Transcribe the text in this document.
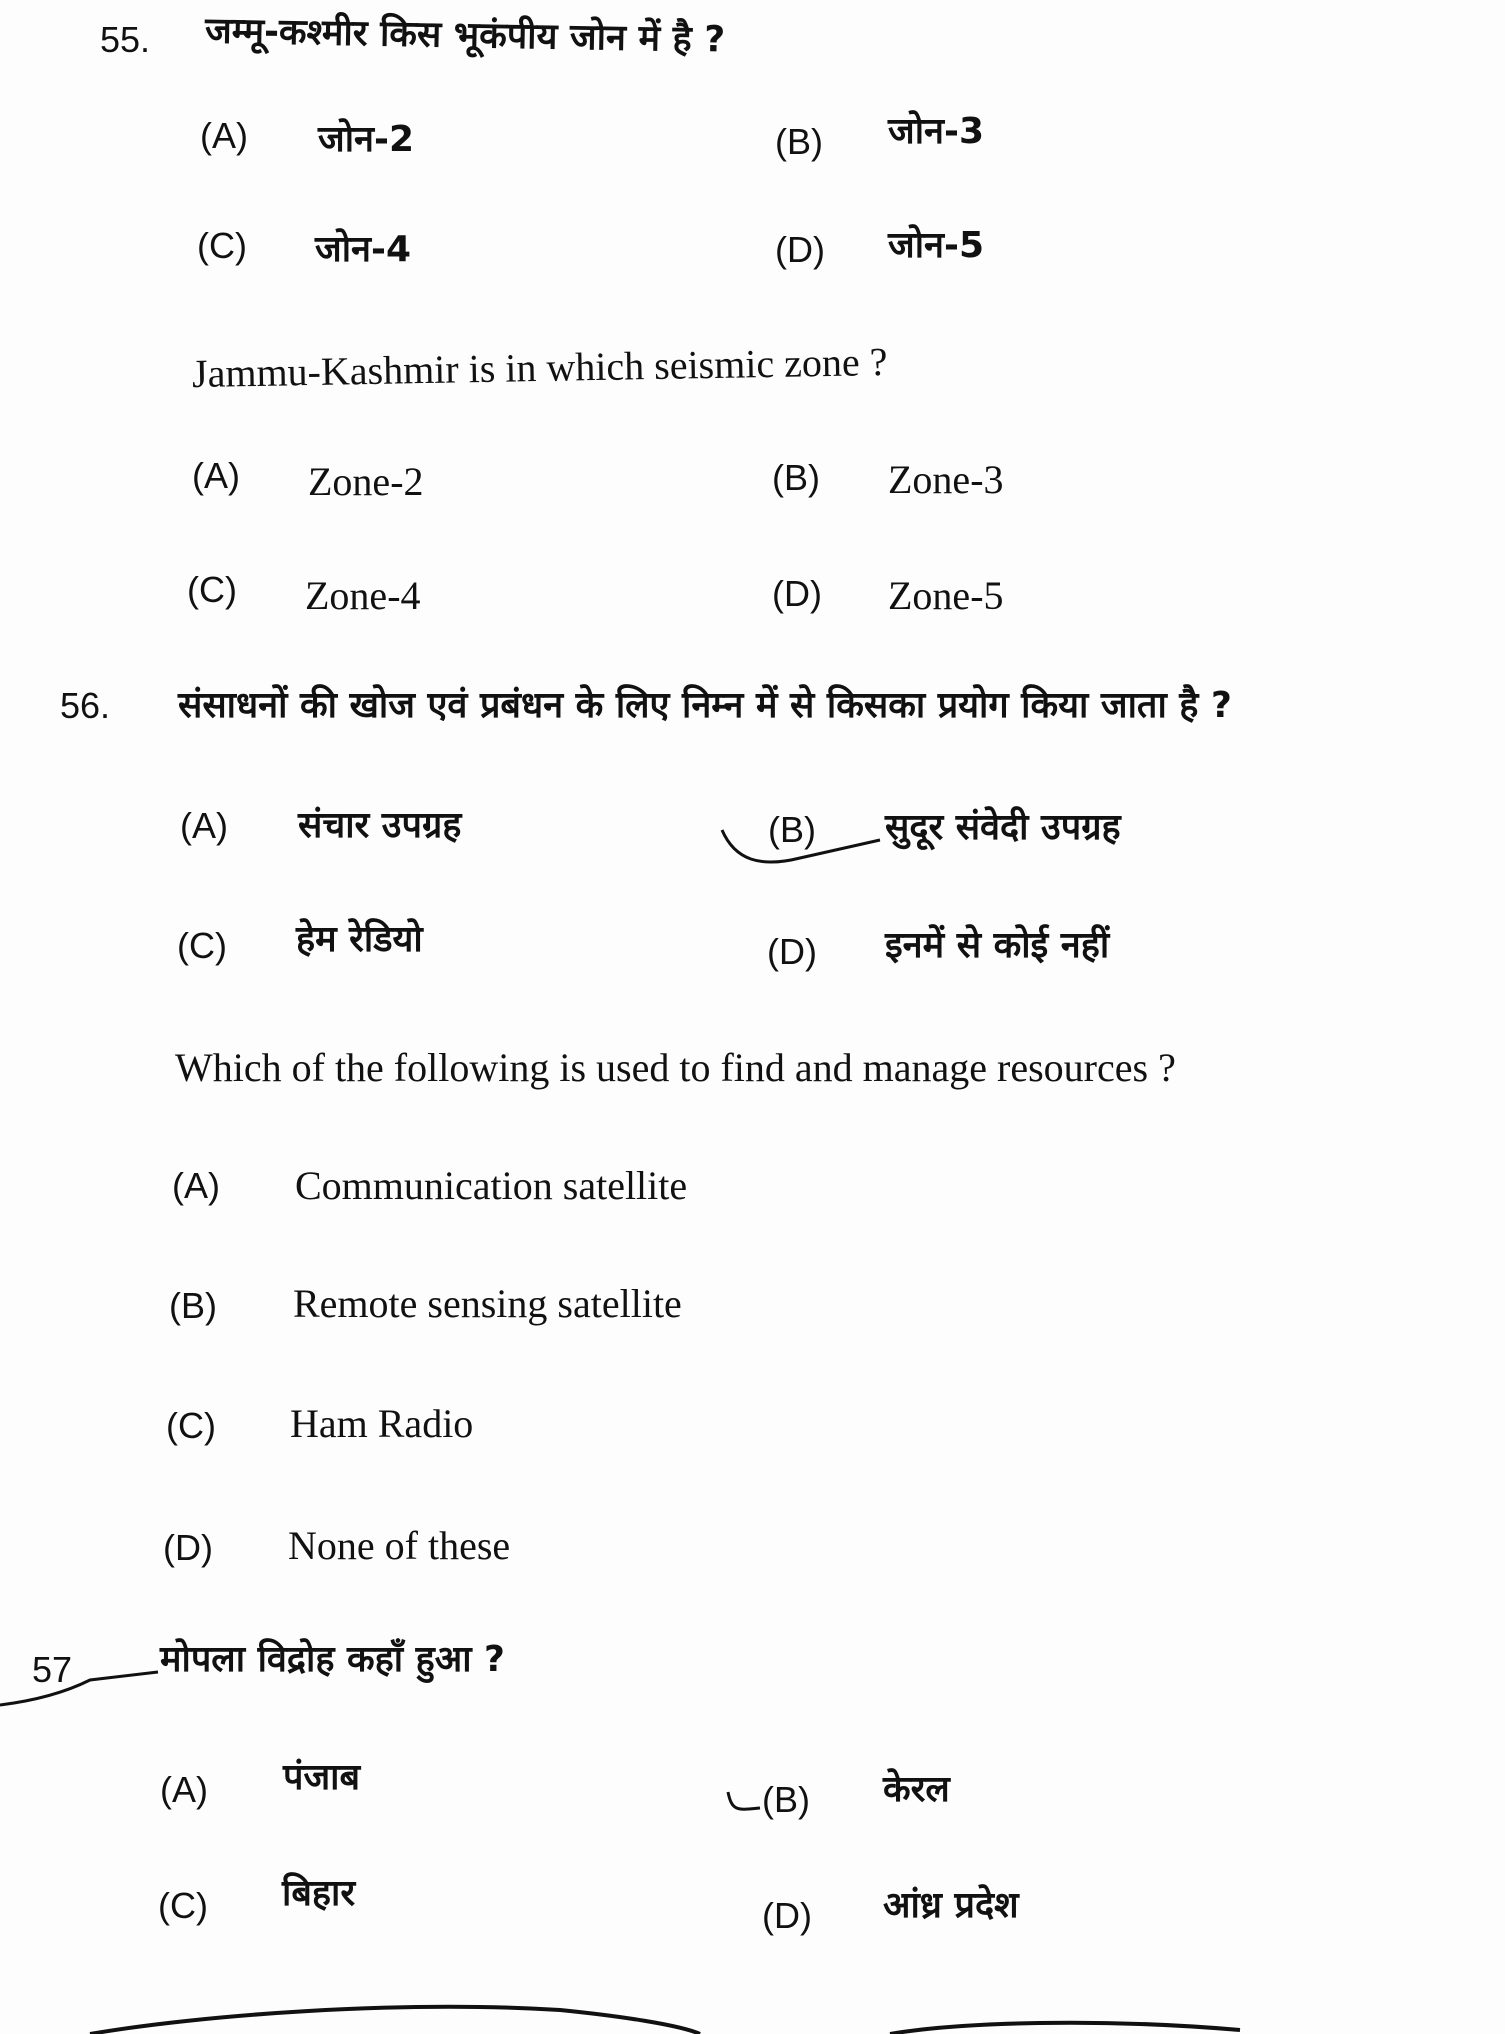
55. जम्मू-कश्मीर किस भूकंपीय जोन में है ?
(A) जोन-2	(B) जोन-3
(C) जोन-4	(D) जोन-5
Jammu-Kashmir is in which seismic zone ?
(A) Zone-2	(B) Zone-3
(C) Zone-4	(D) Zone-5
56. संसाधनों की खोज एवं प्रबंधन के लिए निम्न में से किसका प्रयोग किया जाता है ?
(A) संचार उपग्रह	(B) सुदूर संवेदी उपग्रह
(C) हेम रेडियो	(D) इनमें से कोई नहीं
Which of the following is used to find and manage resources ?
(A) Communication satellite
(B) Remote sensing satellite
(C) Ham Radio
(D) None of these
57 मोपला विद्रोह कहाँ हुआ ?
(A) पंजाब
(B) केरल
(C) बिहार
(D) आंध्र प्रदेश
